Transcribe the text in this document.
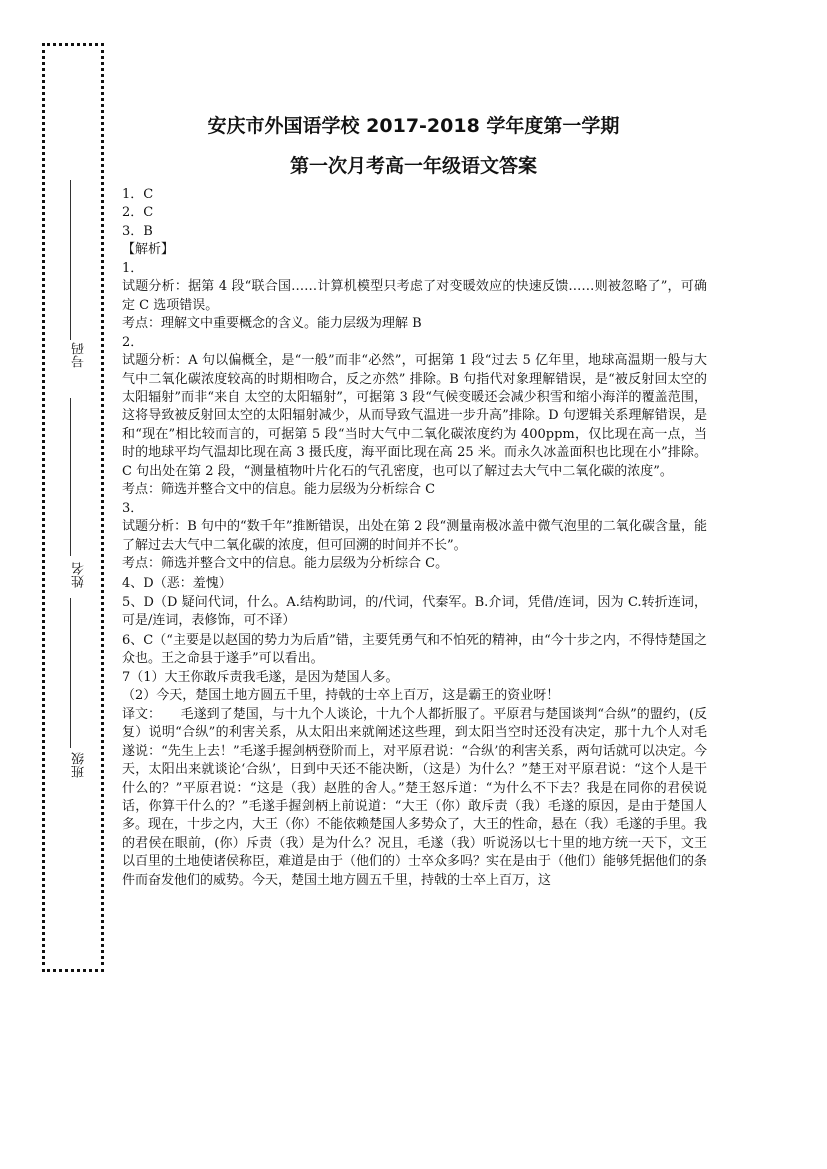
号码
姓名
班级
安庆市外国语学校 2017-2018 学年度第一学期
第一次月考高一年级语文答案

1．C

2．C

3．B

【解析】

1．

试题分析：据第 4 段“联合国……计算机模型只考虑了对变暖效应的快速反馈……则被忽略了”，可确定 C 选项错误。

考点：理解文中重要概念的含义。能力层级为理解 B

2．

试题分析：A 句以偏概全，是“一般”而非“必然”，可据第 1 段“过去 5 亿年里，地球高温期一般与大气中二氧化碳浓度较高的时期相吻合，反之亦然” 排除。B 句指代对象理解错误，是“被反射回太空的太阳辐射”而非“来自 太空的太阳辐射”，可据第 3 段“气候变暖还会减少积雪和缩小海洋的覆盖范围，这将导致被反射回太空的太阳辐射减少，从而导致气温进一步升高”排除。D 句逻辑关系理解错误，是和“现在”相比较而言的，可据第 5 段“当时大气中二氧化碳浓度约为 400ppm，仅比现在高一点，当时的地球平均气温却比现在高 3 摄氏度，海平面比现在高 25 米。而永久冰盖面积也比现在小”排除。C 句出处在第 2 段，“测量植物叶片化石的气孔密度，也可以了解过去大气中二氧化碳的浓度”。

考点：筛选并整合文中的信息。能力层级为分析综合 C

3．

试题分析：B 句中的“数千年”推断错误，出处在第 2 段“测量南极冰盖中微气泡里的二氧化碳含量，能了解过去大气中二氧化碳的浓度，但可回溯的时间并不长”。

考点：筛选并整合文中的信息。能力层级为分析综合 C。

4、D（恶：羞愧）

5、D（D 疑问代词，什么。A.结构助词，的/代词，代秦军。B.介词，凭借/连词，因为 C.转折连词，可是/连词，表修饰，可不译）

6、C（“主要是以赵国的势力为后盾”错，主要凭勇气和不怕死的精神，由“今十步之内，不得恃楚国之众也。王之命县于遂手”可以看出。

7（1）大王你敢斥责我毛遂，是因为楚国人多。

（2）今天，楚国土地方圆五千里，持戟的士卒上百万，这是霸王的资业呀！

译文：　　毛遂到了楚国，与十九个人谈论，十九个人都折服了。平原君与楚国谈判“合纵”的盟约，(反复）说明“合纵”的利害关系，从太阳出来就阐述这些理，到太阳当空时还没有决定，那十九个人对毛遂说：“先生上去！”毛遂手握剑柄登阶而上，对平原君说：“合纵’的利害关系，两句话就可以决定。今天，太阳出来就谈论‘合纵’，日到中天还不能决断，（这是）为什么？”楚王对平原君说：“这个人是干什么的？”平原君说：“这是（我）赵胜的舍人。”楚王怒斥道：“为什么不下去？我是在同你的君侯说话，你算干什么的？”毛遂手握剑柄上前说道：“大王（你）敢斥责（我）毛遂的原因，是由于楚国人多。现在，十步之内，大王（你）不能依赖楚国人多势众了，大王的性命，悬在（我）毛遂的手里。我的君侯在眼前，(你）斥责（我）是为什么？况且，毛遂（我）听说汤以七十里的地方统一天下，文王以百里的土地使诸侯称臣，难道是由于（他们的）士卒众多吗？实在是由于（他们）能够凭据他们的条件而奋发他们的威势。今天，楚国土地方圆五千里，持戟的士卒上百万，这
